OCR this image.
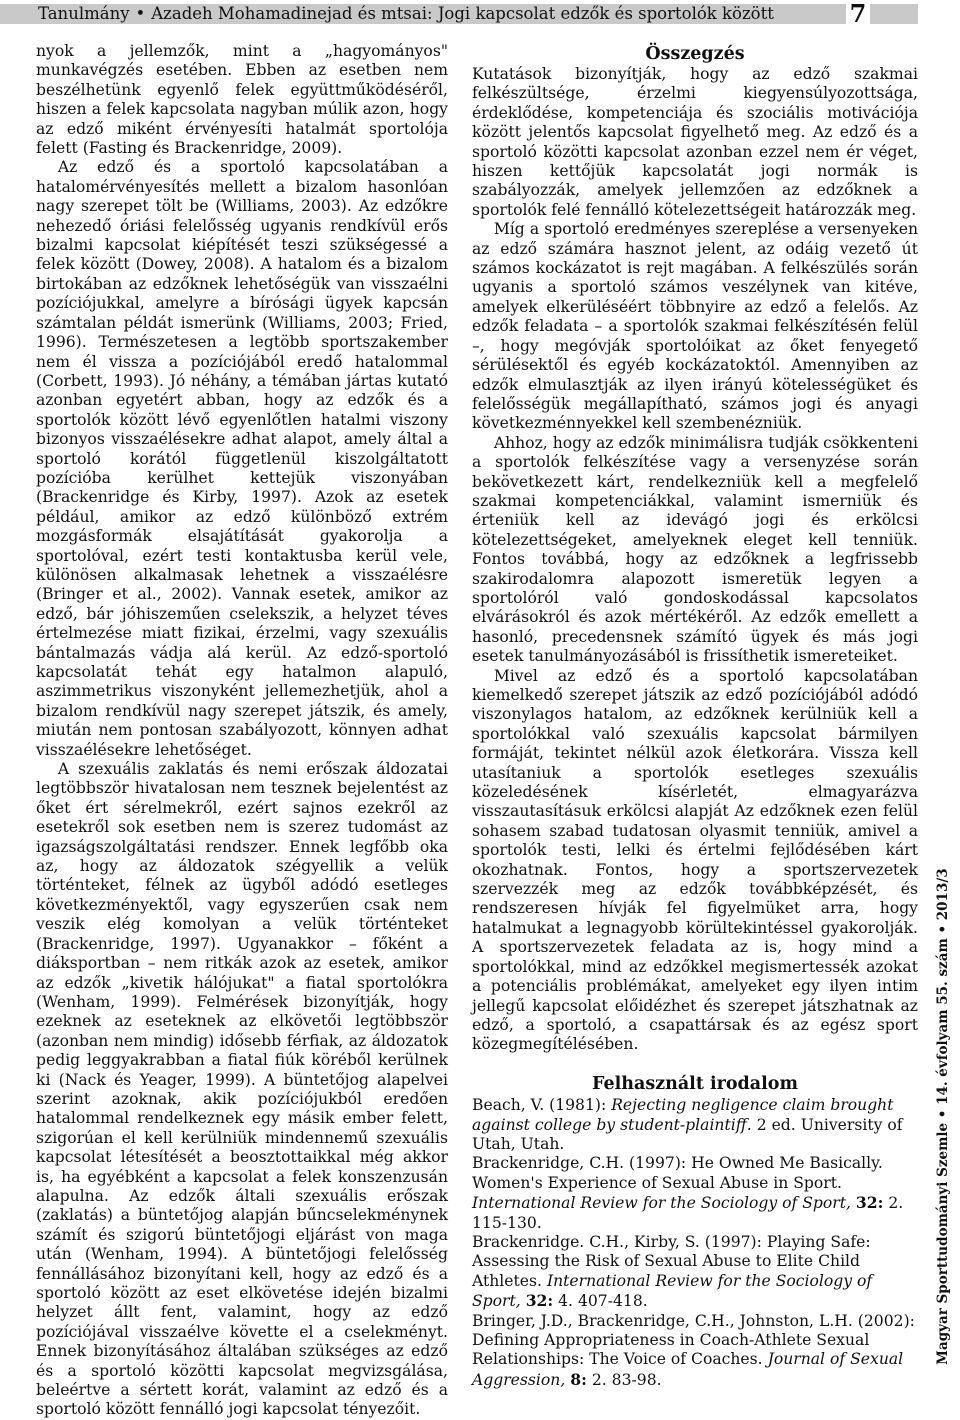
Tanulmány • Azadeh Mohamadinejad és mtsai: Jogi kapcsolat edzők és sportolók között	7

nyok a jellemzők, mint a „hagyományos" munkavégzés esetében. Ebben az esetben nem beszélhetünk egyenlő felek együttműködéséről, hiszen a felek kapcsolata nagyban múlik azon, hogy az edző miként érvényesíti hatalmát sportolója felett (Fasting és Brackenridge, 2009).

Az edző és a sportoló kapcsolatában a hatalomérvényesítés mellett a bizalom hasonlóan nagy szerepet tölt be (Williams, 2003). Az edzőkre nehezedő óriási felelősség ugyanis rendkívül erős bizalmi kapcsolat kiépítését teszi szükségessé a felek között (Dowey, 2008). A hatalom és a bizalom birtokában az edzőknek lehetőségük van visszaélni pozíciójukkal, amelyre a bírósági ügyek kapcsán számtalan példát ismerünk (Williams, 2003; Fried, 1996). Természetesen a legtöbb sportszakember nem él vissza a pozíciójából eredő hatalommal (Corbett, 1993). Jó néhány, a témában jártas kutató azonban egyetért abban, hogy az edzők és a sportolók között lévő egyenlőtlen hatalmi viszony bizonyos visszaélésekre adhat alapot, amely által a sportoló korától függetlenül kiszolgáltatott pozícióba kerülhet kettejük viszonyában (Brackenridge és Kirby, 1997). Azok az esetek például, amikor az edző különböző extrém mozgásformák elsajátítását gyakorolja a sportolóval, ezért testi kontaktusba kerül vele, különösen alkalmasak lehetnek a visszaélésre (Bringer et al., 2002). Vannak esetek, amikor az edző, bár jóhiszeműen cselekszik, a helyzet téves értelmezése miatt fizikai, érzelmi, vagy szexuális bántalmazás vádja alá kerül. Az edző-sportoló kapcsolatát tehát egy hatalmon alapuló, aszimmetrikus viszonyként jellemezhetjük, ahol a bizalom rendkívül nagy szerepet játszik, és amely, miután nem pontosan szabályozott, könnyen adhat visszaélésekre lehetőséget.

A szexuális zaklatás és nemi erőszak áldozatai legtöbbször hivatalosan nem tesznek bejelentést az őket ért sérelmekről, ezért sajnos ezekről az esetekről sok esetben nem is szerez tudomást az igazságszolgáltatási rendszer. Ennek legfőbb oka az, hogy az áldozatok szégyellik a velük történteket, félnek az ügyből adódó esetleges következményektől, vagy egyszerűen csak nem veszik elég komolyan a velük történteket (Brackenridge, 1997). Ugyanakkor – főként a diáksportban – nem ritkák azok az esetek, amikor az edzők „kivetik hálójukat" a fiatal sportolókra (Wenham, 1999). Felmérések bizonyítják, hogy ezeknek az eseteknek az elkövetői legtöbbször (azonban nem mindig) idősebb férfiak, az áldozatok pedig leggyakrabban a fiatal fiúk köréből kerülnek ki (Nack és Yeager, 1999). A büntetőjog alapelvei szerint azoknak, akik pozíciójukból eredően hatalommal rendelkeznek egy másik ember felett, szigorúan el kell kerülniük mindennemű szexuális kapcsolat létesítését a beosztottaikkal még akkor is, ha egyébként a kapcsolat a felek konszenzusán alapulna. Az edzők általi szexuális erőszak (zaklatás) a büntetőjog alapján bűncselekménynek számít és szigorú büntetőjogi eljárást von maga után (Wenham, 1994). A büntetőjogi felelősség fennállásához bizonyítani kell, hogy az edző és a sportoló között az eset elkövetése idején bizalmi helyzet állt fent, valamint, hogy az edző pozíciójával visszaélve követte el a cselekményt. Ennek bizonyításához általában szükséges az edző és a sportoló közötti kapcsolat megvizsgálása, beleértve a sértett korát, valamint az edző és a sportoló között fennálló jogi kapcsolat tényezőit.

Összegzés

Kutatások bizonyítják, hogy az edző szakmai felkészültsége, érzelmi kiegyensúlyozottsága, érdeklődése, kompetenciája és szociális motivációja között jelentős kapcsolat figyelhető meg. Az edző és a sportoló közötti kapcsolat azonban ezzel nem ér véget, hiszen kettőjük kapcsolatát jogi normák is szabályozzák, amelyek jellemzően az edzőknek a sportolók felé fennálló kötelezettségeit határozzák meg.

Míg a sportoló eredményes szereplése a versenyeken az edző számára hasznot jelent, az odáig vezető út számos kockázatot is rejt magában. A felkészülés során ugyanis a sportoló számos veszélynek van kitéve, amelyek elkerüléséért többnyire az edző a felelős. Az edzők feladata – a sportolók szakmai felkészítésén felül –, hogy megóvják sportolóikat az őket fenyegető sérülésektől és egyéb kockázatoktól. Amennyiben az edzők elmulasztják az ilyen irányú kötelességüket és felelősségük megállapítható, számos jogi és anyagi következménnyekkel kell szembenézniük.

Ahhoz, hogy az edzők minimálisra tudják csökkenteni a sportolók felkészítése vagy a versenyzése során bekövetkezett kárt, rendelkezniük kell a megfelelő szakmai kompetenciákkal, valamint ismerniük és érteniük kell az idevágó jogi és erkölcsi kötelezettségeket, amelyeknek eleget kell tenniük. Fontos továbbá, hogy az edzőknek a legfrissebb szakirodalomra alapozott ismeretük legyen a sportolóról való gondoskodással kapcsolatos elvárásokról és azok mértékéről. Az edzők emellett a hasonló, precedensnek számító ügyek és más jogi esetek tanulmányozásából is frissíthetik ismereteiket.

Mivel az edző és a sportoló kapcsolatában kiemelkedő szerepet játszik az edző pozíciójából adódó viszonylagos hatalom, az edzőknek kerülniük kell a sportolókkal való szexuális kapcsolat bármilyen formáját, tekintet nélkül azok életkorára. Vissza kell utasítaniuk a sportolók esetleges szexuális közeledésének kísérletét, elmagyarázva visszautasításuk erkölcsi alapját Az edzőknek ezen felül sohasem szabad tudatosan olyasmit tenniük, amivel a sportolók testi, lelki és értelmi fejlődésében kárt okozhatnak. Fontos, hogy a sportszervezetek szervezzék meg az edzők továbbképzését, és rendszeresen hívják fel figyelmüket arra, hogy hatalmukat a legnagyobb körültekintéssel gyakorolják. A sportszervezetek feladata az is, hogy mind a sportolókkal, mind az edzőkkel megismertessék azokat a potenciális problémákat, amelyeket egy ilyen intim jellegű kapcsolat előidézhet és szerepet játszhatnak az edző, a sportoló, a csapattársak és az egész sport közegmegítélésében.

Felhasznált irodalom

Beach, V. (1981): Rejecting negligence claim brought against college by student-plaintiff. 2 ed. University of Utah, Utah.

Brackenridge, C.H. (1997): He Owned Me Basically. Women's Experience of Sexual Abuse in Sport. International Review for the Sociology of Sport, 32: 2. 115-130.

Brackenridge. C.H., Kirby, S. (1997): Playing Safe: Assessing the Risk of Sexual Abuse to Elite Child Athletes. International Review for the Sociology of Sport, 32: 4. 407-418.

Bringer, J.D., Brackenridge, C.H., Johnston, L.H. (2002): Defining Appropriateness in Coach-Athlete Sexual Relationships: The Voice of Coaches. Journal of Sexual Aggression, 8: 2. 83-98.

Magyar Sporttudományi Szemle • 14. évfolyam 55. szám • 2013/3
